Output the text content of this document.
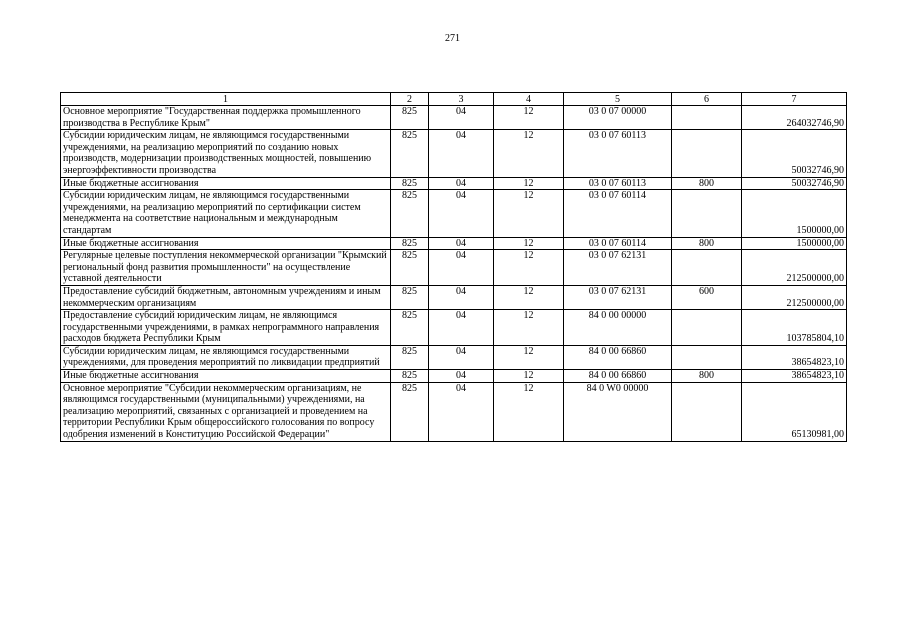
271
1	2	3	4	5	6	7
Основное мероприятие "Государственная поддержка промышленного производства в Республике Крым"	825	04	12	03 0 07 00000		264032746,90
Субсидии юридическим лицам, не являющимся государственными учреждениями, на реализацию мероприятий по созданию новых производств, модернизации производственных мощностей, повышению энергоэффективности производства	825	04	12	03 0 07 60113		50032746,90
Иные бюджетные ассигнования	825	04	12	03 0 07 60113	800	50032746,90
Субсидии юридическим лицам, не являющимся государственными учреждениями, на реализацию мероприятий по сертификации систем менеджмента на соответствие национальным и международным стандартам	825	04	12	03 0 07 60114		1500000,00
Иные бюджетные ассигнования	825	04	12	03 0 07 60114	800	1500000,00
Регулярные целевые поступления некоммерческой организации "Крымский региональный фонд развития промышленности" на осуществление уставной деятельности	825	04	12	03 0 07 62131		212500000,00
Предоставление субсидий бюджетным, автономным учреждениям и иным некоммерческим организациям	825	04	12	03 0 07 62131	600	212500000,00
Предоставление субсидий юридическим лицам, не являющимся государственными учреждениями, в рамках непрограммного направления расходов бюджета Республики Крым	825	04	12	84 0 00 00000		103785804,10
Субсидии юридическим лицам, не являющимся государственными учреждениями, для проведения мероприятий по ликвидации предприятий	825	04	12	84 0 00 66860		38654823,10
Иные бюджетные ассигнования	825	04	12	84 0 00 66860	800	38654823,10
Основное мероприятие "Субсидии некоммерческим организациям, не являющимся государственными (муниципальными) учреждениями, на реализацию мероприятий, связанных с организацией и проведением на территории Республики Крым общероссийского голосования по вопросу одобрения изменений в Конституцию Российской Федерации"	825	04	12	84 0 W0 00000		65130981,00
